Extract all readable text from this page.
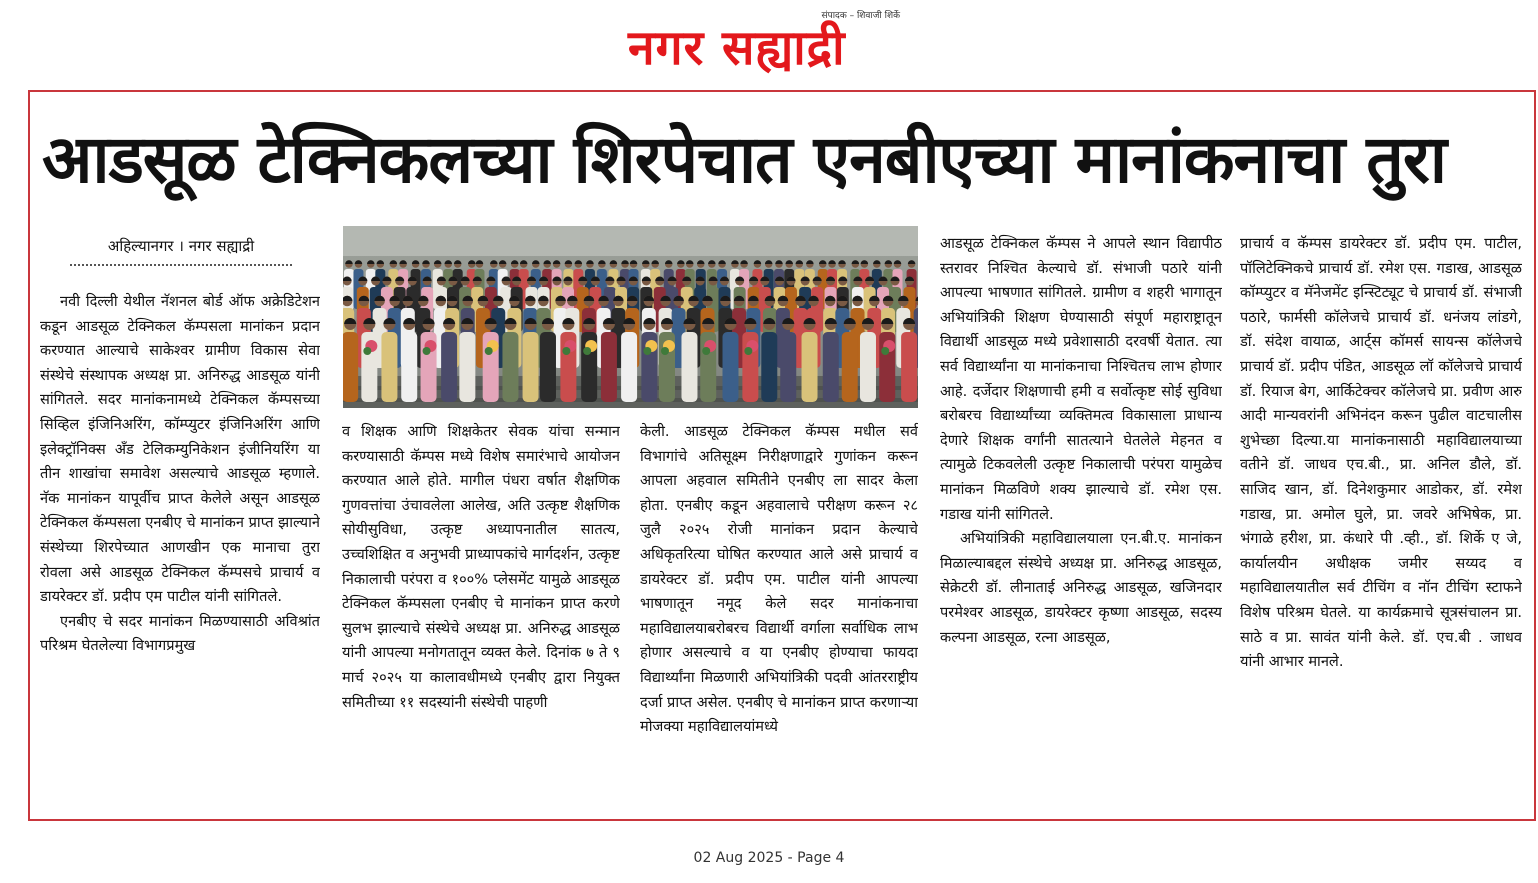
संपादक – शिवाजी शिर्के
नगर सह्याद्री
आडसूळ टेक्निकलच्या शिरपेचात एनबीएच्या मानांकनाचा तुरा
अहिल्यानगर । नगर सह्याद्री

नवी दिल्ली येथील नॅशनल बोर्ड ऑफ अक्रेडिटेशन कडून आडसूळ टेक्निकल कॅम्पसला मानांकन प्रदान करण्यात आल्याचे साकेश्वर ग्रामीण विकास सेवा संस्थेचे संस्थापक अध्यक्ष प्रा. अनिरुद्ध आडसूळ यांनी सांगितले. सदर मानांकनामध्ये टेक्निकल कॅम्पसच्या सिव्हिल इंजिनिअरिंग, कॉम्प्युटर इंजिनिअरिंग आणि इलेक्ट्रॉनिक्स अँड टेलिकम्युनिकेशन इंजीनियरिंग या तीन शाखांचा समावेश असल्याचे आडसूळ म्हणाले. नॅक मानांकन यापूर्वीच प्राप्त केलेले असून आडसूळ टेक्निकल कॅम्पसला एनबीए चे मानांकन प्राप्त झाल्याने संस्थेच्या शिरपेच्यात आणखीन एक मानाचा तुरा रोवला असे आडसूळ टेक्निकल कॅम्पसचे प्राचार्य व डायरेक्टर डॉ. प्रदीप एम पाटील यांनी सांगितले.

एनबीए चे सदर मानांकन मिळण्यासाठी अविश्रांत परिश्रम घेतलेल्या विभागप्रमुख

व शिक्षक आणि शिक्षकेतर सेवक यांचा सन्मान करण्यासाठी कॅम्पस मध्ये विशेष समारंभाचे आयोजन करण्यात आले होते. मागील पंधरा वर्षात शैक्षणिक गुणवत्तांचा उंचावलेला आलेख, अति उत्कृष्ट शैक्षणिक सोयीसुविधा, उत्कृष्ट अध्यापनातील सातत्य, उच्चशिक्षित व अनुभवी प्राध्यापकांचे मार्गदर्शन, उत्कृष्ट निकालाची परंपरा व १००% प्लेसमेंट यामुळे आडसूळ टेक्निकल कॅम्पसला एनबीए चे मानांकन प्राप्त करणे सुलभ झाल्याचे संस्थेचे अध्यक्ष प्रा. अनिरुद्ध आडसूळ यांनी आपल्या मनोगतातून व्यक्त केले. दिनांक ७ ते ९ मार्च २०२५ या कालावधीमध्ये एनबीए द्वारा नियुक्त समितीच्या ११ सदस्यांनी संस्थेची पाहणी

केली. आडसूळ टेक्निकल कॅम्पस मधील सर्व विभागांचे अतिसूक्ष्म निरीक्षणाद्वारे गुणांकन करून आपला अहवाल समितीने एनबीए ला सादर केला होता. एनबीए कडून अहवालाचे परीक्षण करून २८ जुलै २०२५ रोजी मानांकन प्रदान केल्याचे अधिकृतरित्या घोषित करण्यात आले असे प्राचार्य व डायरेक्टर डॉ. प्रदीप एम. पाटील यांनी आपल्या भाषणातून नमूद केले सदर मानांकनाचा महाविद्यालयाबरोबरच विद्यार्थी वर्गाला सर्वाधिक लाभ होणार असल्याचे व या एनबीए होण्याचा फायदा विद्यार्थ्यांना मिळणारी अभियांत्रिकी पदवी आंतरराष्ट्रीय दर्जा प्राप्त असेल. एनबीए चे मानांकन प्राप्त करणाऱ्या मोजक्या महाविद्यालयांमध्ये

आडसूळ टेक्निकल कॅम्पस ने आपले स्थान विद्यापीठ स्तरावर निश्चित केल्याचे डॉ. संभाजी पठारे यांनी आपल्या भाषणात सांगितले. ग्रामीण व शहरी भागातून अभियांत्रिकी शिक्षण घेण्यासाठी संपूर्ण महाराष्ट्रातून विद्यार्थी आडसूळ मध्ये प्रवेशासाठी दरवर्षी येतात. त्या सर्व विद्यार्थ्यांना या मानांकनाचा निश्चितच लाभ होणार आहे. दर्जेदार शिक्षणाची हमी व सर्वोत्कृष्ट सोई सुविधा बरोबरच विद्यार्थ्यांच्या व्यक्तिमत्व विकासाला प्राधान्य देणारे शिक्षक वर्गांनी सातत्याने घेतलेले मेहनत व त्यामुळे टिकवलेली उत्कृष्ट निकालाची परंपरा यामुळेच मानांकन मिळविणे शक्य झाल्याचे डॉ. रमेश एस. गडाख यांनी सांगितले.

अभियांत्रिकी महाविद्यालयाला एन.बी.ए. मानांकन मिळाल्याबद्दल संस्थेचे अध्यक्ष प्रा. अनिरुद्ध आडसूळ, सेक्रेटरी डॉ. लीनाताई अनिरुद्ध आडसूळ, खजिनदार परमेश्वर आडसूळ, डायरेक्टर कृष्णा आडसूळ, सदस्य कल्पना आडसूळ, रत्ना आडसूळ,

प्राचार्य व कॅम्पस डायरेक्टर डॉ. प्रदीप एम. पाटील, पॉलिटेक्निकचे प्राचार्य डॉ. रमेश एस. गडाख, आडसूळ कॉम्प्युटर व मॅनेजमेंट इन्स्टिट्यूट चे प्राचार्य डॉ. संभाजी पठारे, फार्मसी कॉलेजचे प्राचार्य डॉ. धनंजय लांडगे, डॉ. संदेश वायाळ, आर्ट्स कॉमर्स सायन्स कॉलेजचे प्राचार्य डॉ. प्रदीप पंडित, आडसूळ लॉ कॉलेजचे प्राचार्य डॉ. रियाज बेग, आर्किटेक्चर कॉलेजचे प्रा. प्रवीण आरु आदी मान्यवरांनी अभिनंदन करून पुढील वाटचालीस शुभेच्छा दिल्या.या मानांकनासाठी महाविद्यालयाच्या वतीने डॉ. जाधव एच.बी., प्रा. अनिल डौले, डॉ. साजिद खान, डॉ. दिनेशकुमार आडोकर, डॉ. रमेश गडाख, प्रा. अमोल घुले, प्रा. जवरे अभिषेक, प्रा. भंगाळे हरीश, प्रा. कंधारे पी .व्ही., डॉ. शिर्के ए जे, कार्यालयीन अधीक्षक जमीर सय्यद व महाविद्यालयातील सर्व टीचिंग व नॉन टीचिंग स्टाफने विशेष परिश्रम घेतले. या कार्यक्रमाचे सूत्रसंचालन प्रा. साठे व प्रा. सावंत यांनी केले. डॉ. एच.बी . जाधव यांनी आभार मानले.

02 Aug 2025 - Page 4
